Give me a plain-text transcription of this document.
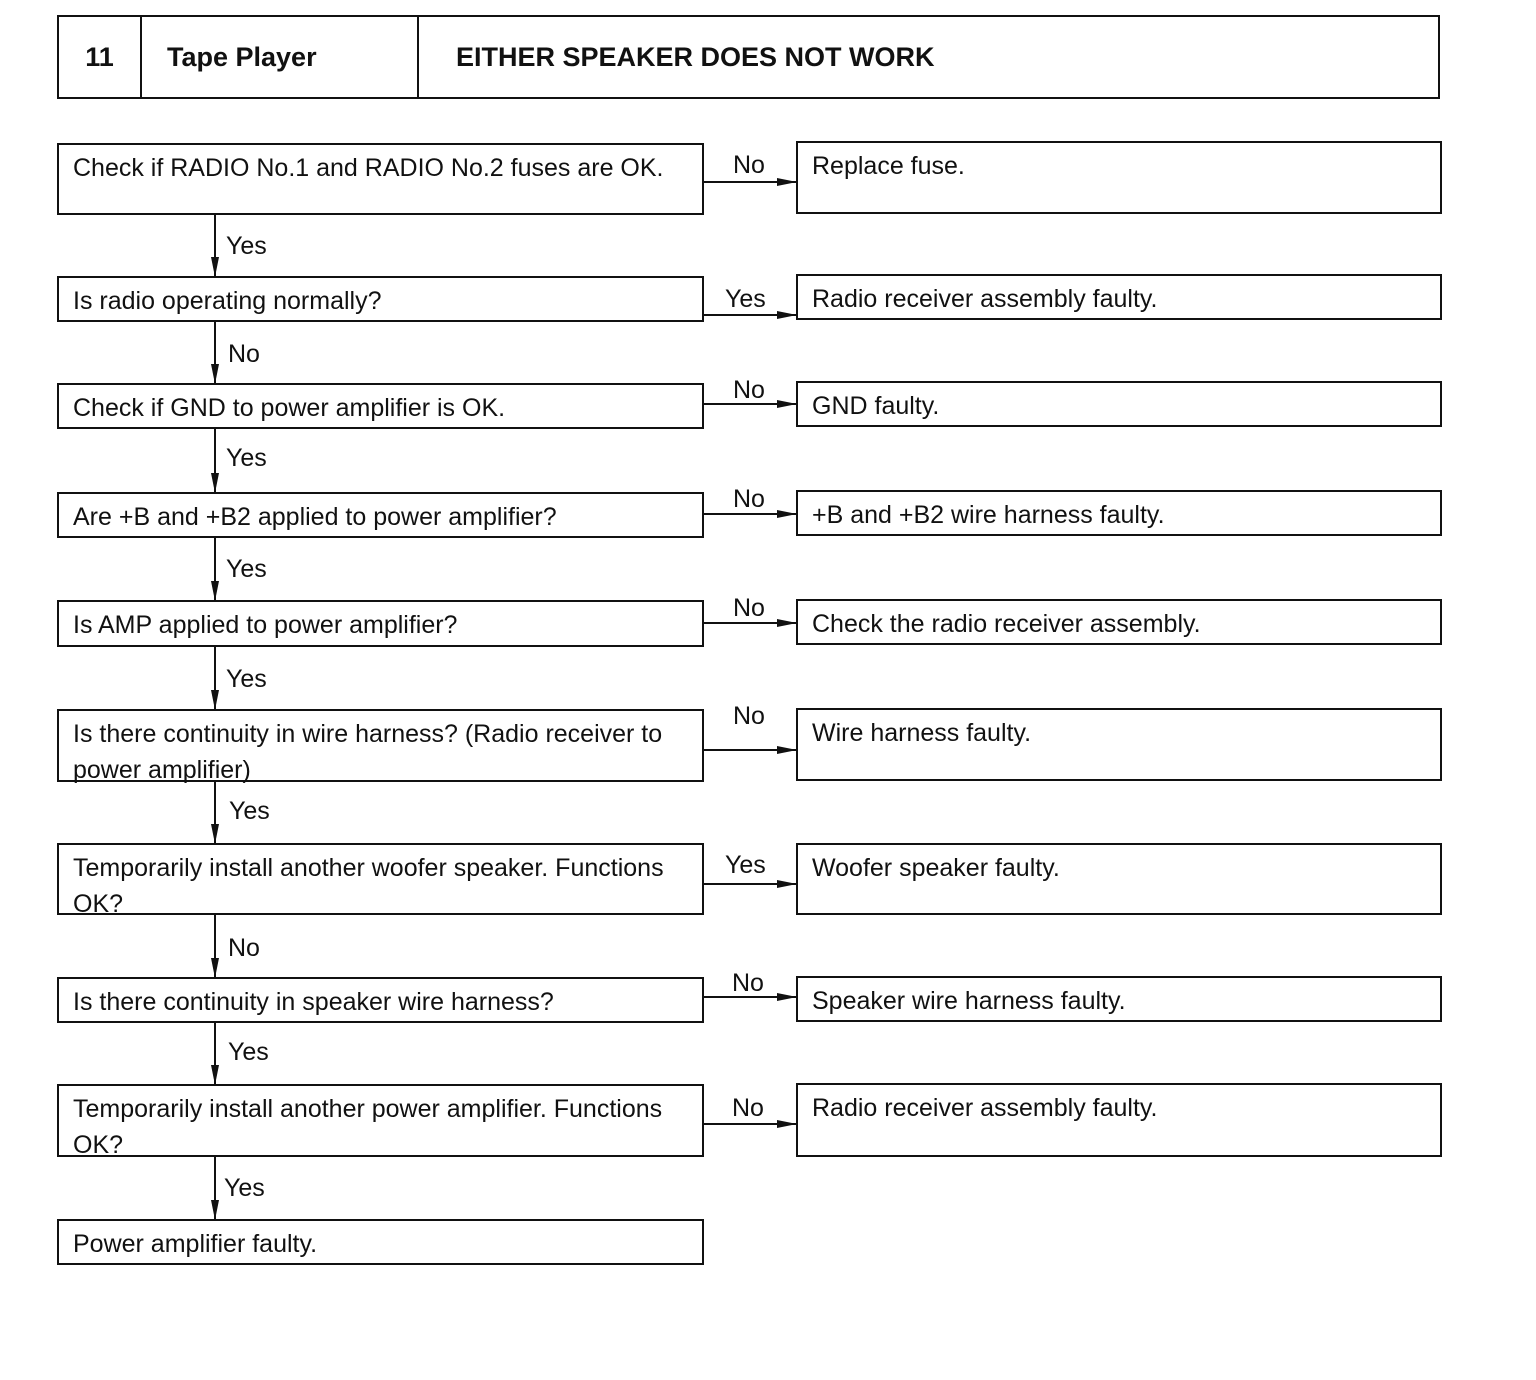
11	Tape Player	EITHER SPEAKER DOES NOT WORK
Check if RADIO No.1 and RADIO No.2 fuses are OK.	Replace fuse.
Is radio operating normally?	Radio receiver assembly faulty.
Check if GND to power amplifier is OK.	GND faulty.
Are +B and +B2 applied to power amplifier?	+B and +B2 wire harness faulty.
Is AMP applied to power amplifier?	Check the radio receiver assembly.
Is there continuity in wire harness? (Radio receiver to power amplifier)
Wire harness faulty.
Temporarily install another woofer speaker. Functions OK?
Woofer speaker faulty.
Is there continuity in speaker wire harness?	Speaker wire harness faulty.
Temporarily install another power amplifier. Functions OK?
Radio receiver assembly faulty.
Power amplifier faulty.
No
Yes
No
No
No
No
Yes
No
No
Yes
No
Yes
Yes
Yes
Yes
No
Yes
Yes
